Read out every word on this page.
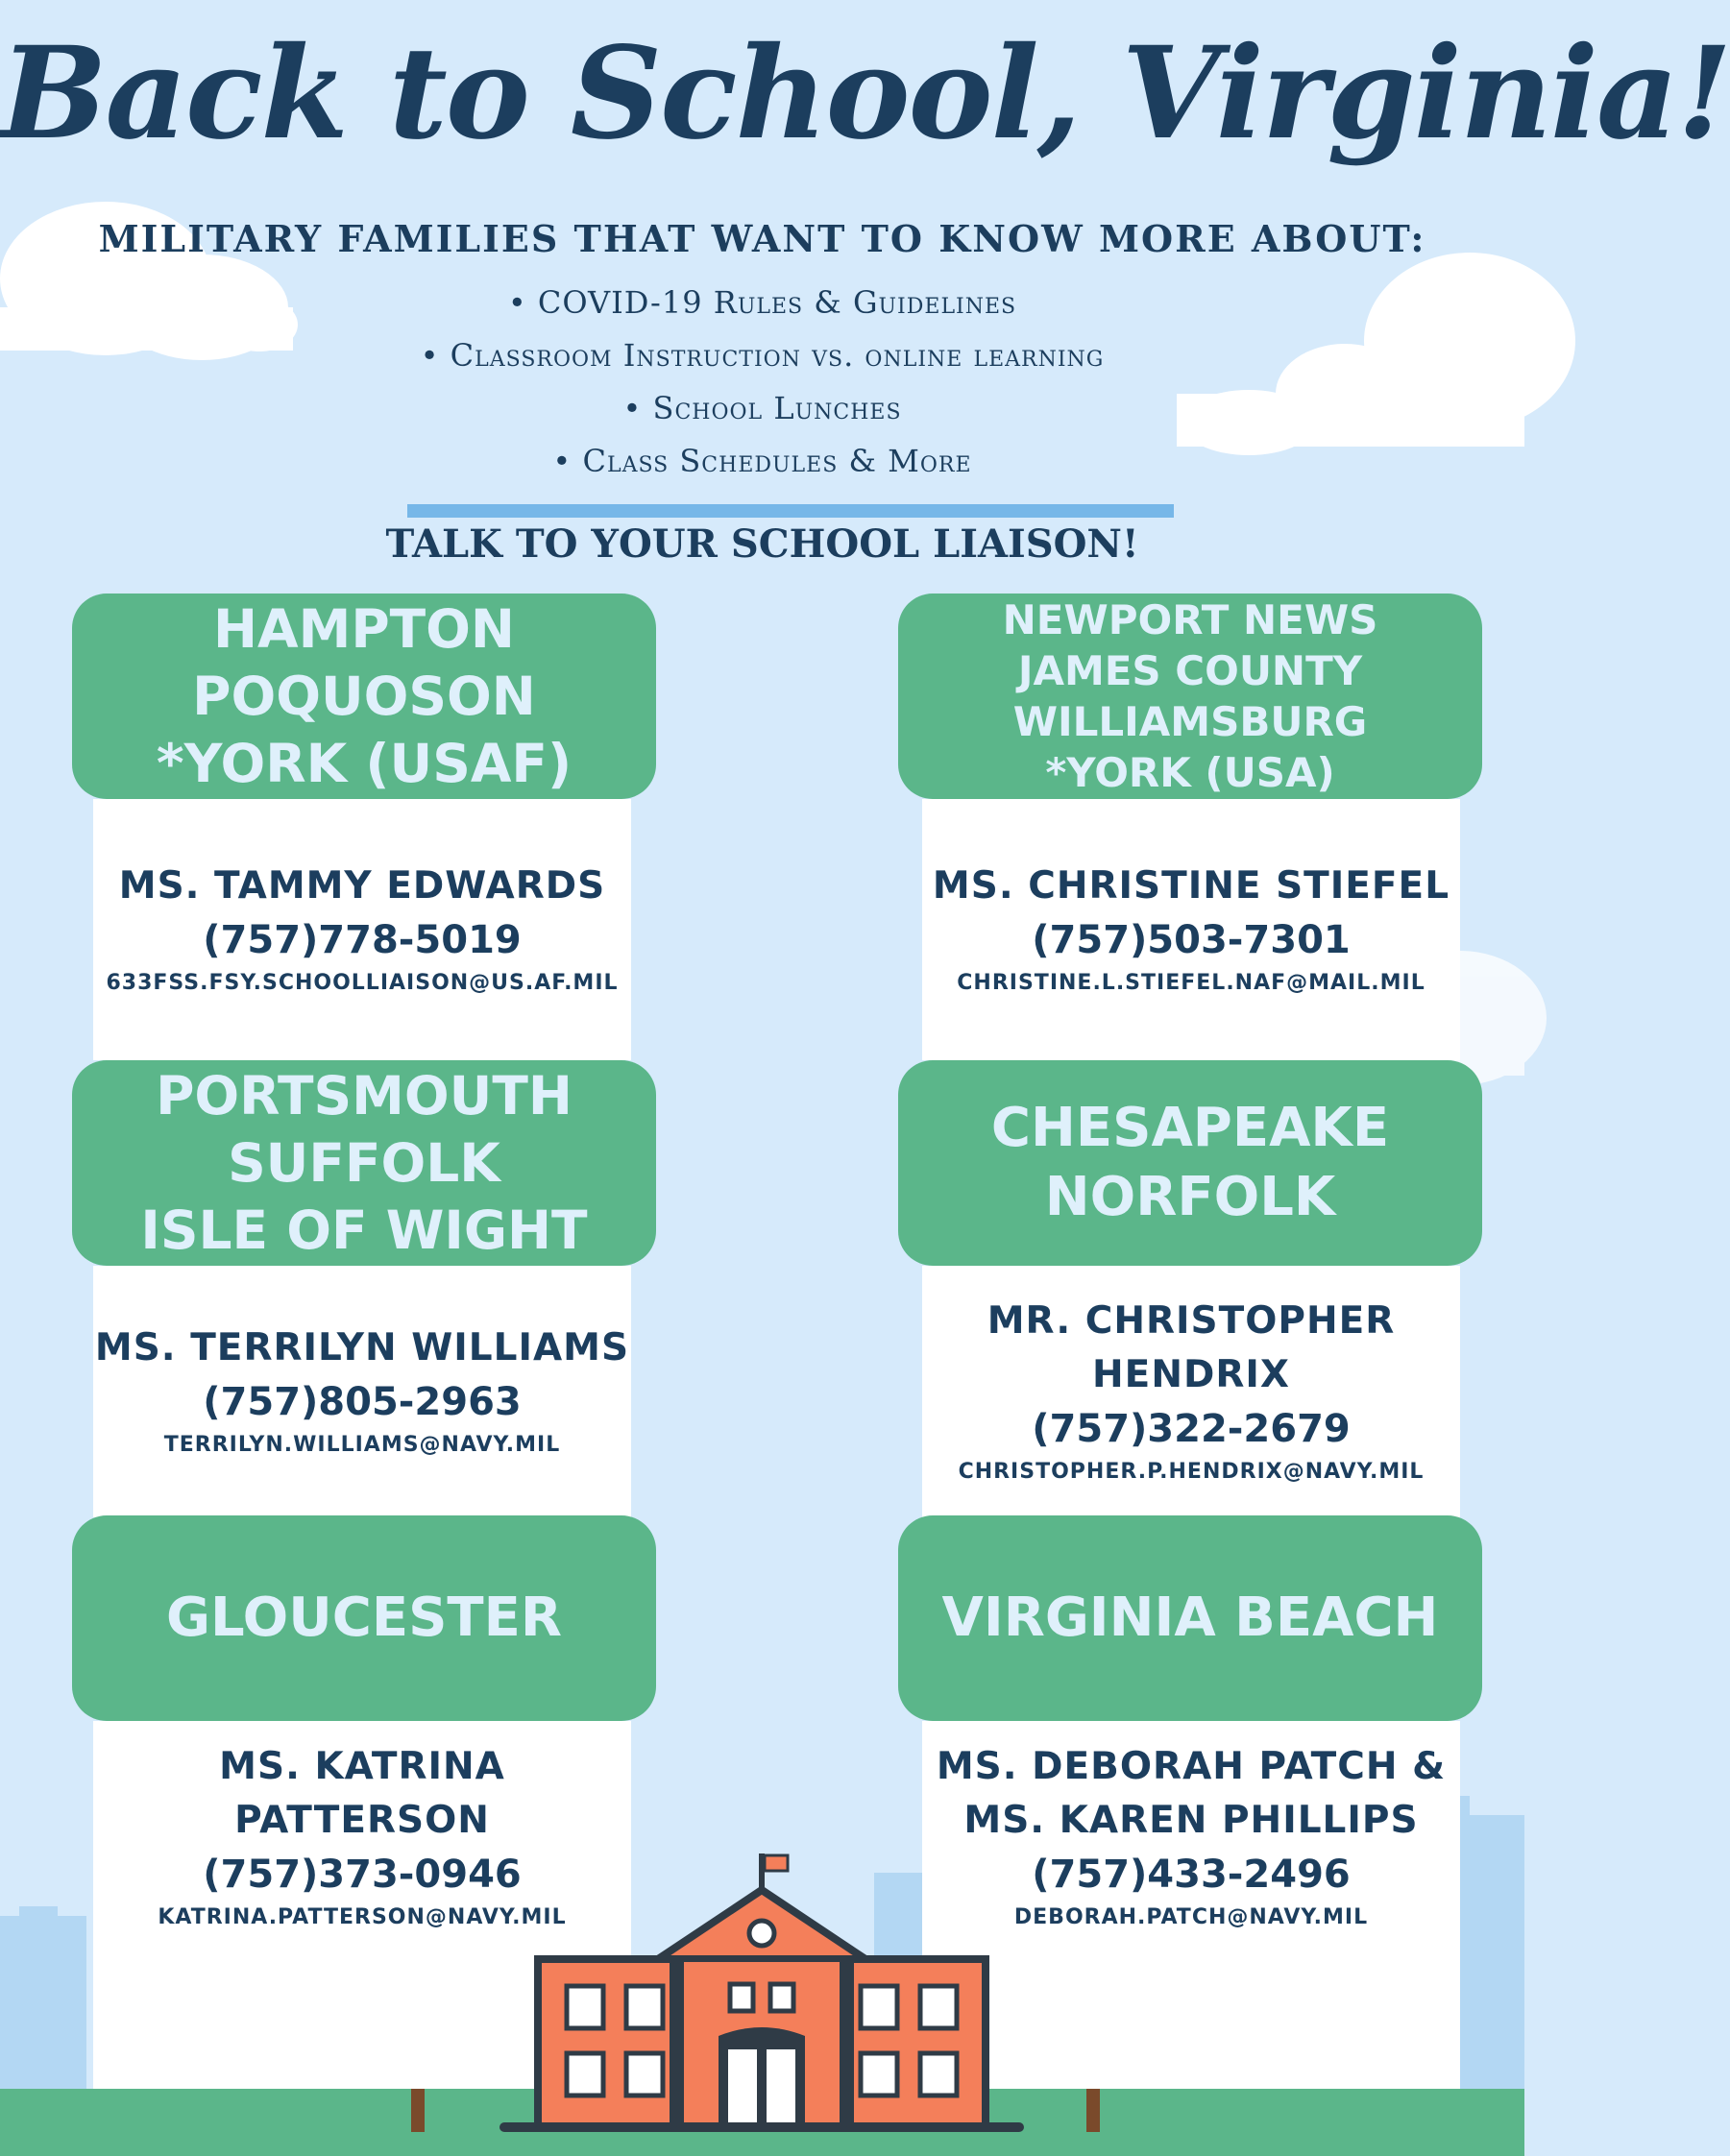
Back to School, Virginia!
MILITARY FAMILIES THAT WANT TO KNOW MORE ABOUT:
• COVID-19 Rules & Guidelines
• Classroom Instruction vs. online learning
• School Lunches
• Class Schedules & More
TALK TO YOUR SCHOOL LIAISON!
MS. TAMMY EDWARDS
(757)778-5019
633FSS.FSY.SCHOOLLIAISON@US.AF.MIL
HAMPTON
POQUOSON
*YORK (USAF)
MS. CHRISTINE STIEFEL
(757)503-7301
CHRISTINE.L.STIEFEL.NAF@MAIL.MIL
NEWPORT NEWS
JAMES COUNTY
WILLIAMSBURG
*YORK (USA)
MS. TERRILYN WILLIAMS
(757)805-2963
TERRILYN.WILLIAMS@NAVY.MIL
PORTSMOUTH
SUFFOLK
ISLE OF WIGHT
MR. CHRISTOPHER
HENDRIX
(757)322-2679
CHRISTOPHER.P.HENDRIX@NAVY.MIL
CHESAPEAKE
NORFOLK
MS. KATRINA
PATTERSON
(757)373-0946
KATRINA.PATTERSON@NAVY.MIL
GLOUCESTER
MS. DEBORAH PATCH &
MS. KAREN PHILLIPS
(757)433-2496
DEBORAH.PATCH@NAVY.MIL
VIRGINIA BEACH
